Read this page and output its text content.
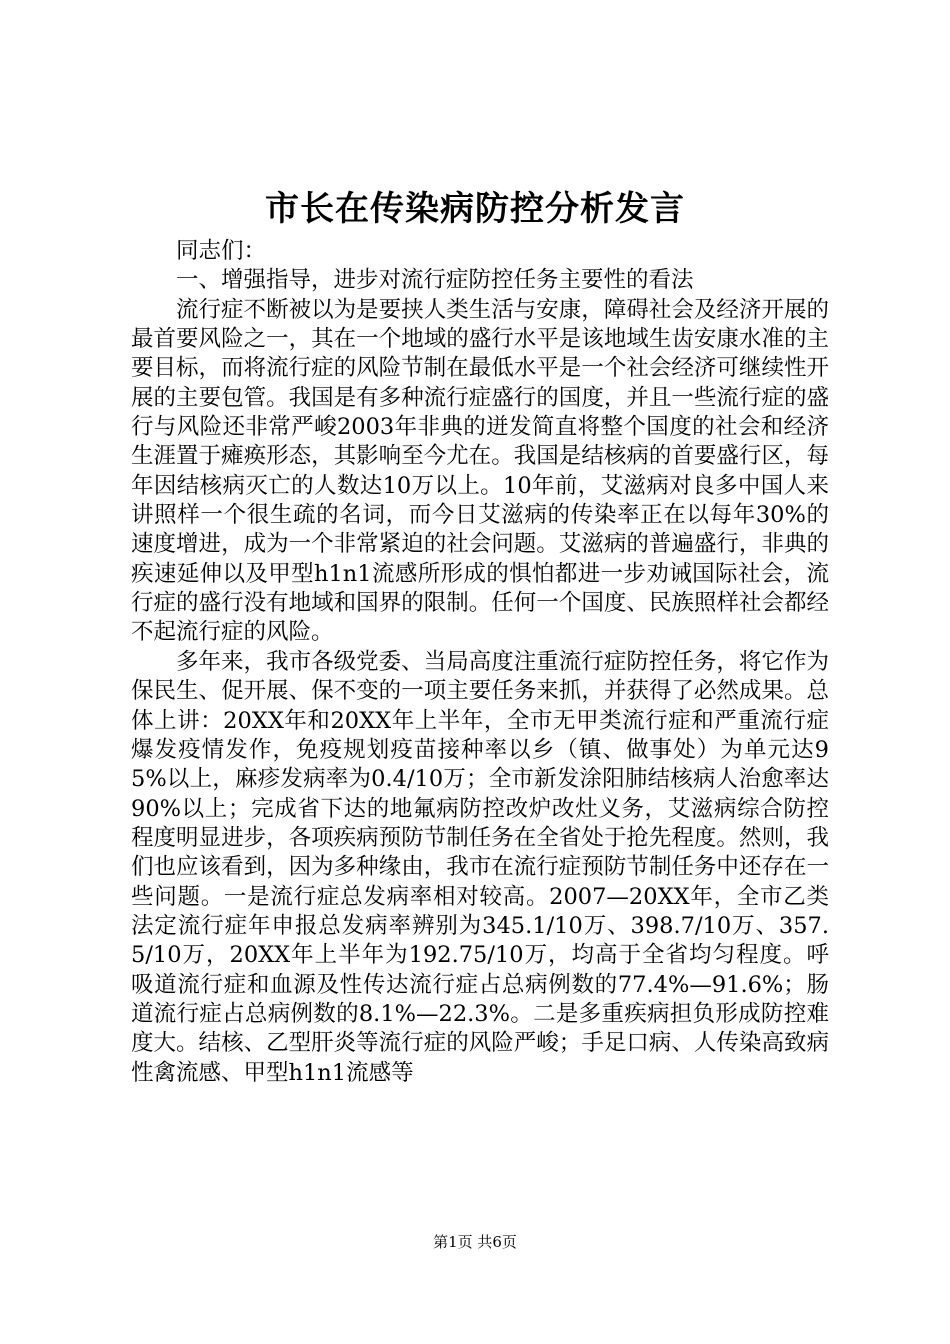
市长在传染病防控分析发言

同志们：

一、增强指导，进步对流行症防控任务主要性的看法

流行症不断被以为是要挟人类生活与安康，障碍社会及经济开展的最首要风险之一，其在一个地域的盛行水平是该地域生齿安康水准的主要目标，而将流行症的风险节制在最低水平是一个社会经济可继续性开展的主要包管。我国是有多种流行症盛行的国度，并且一些流行症的盛行与风险还非常严峻2003年非典的迸发简直将整个国度的社会和经济生涯置于瘫痪形态，其影响至今尤在。我国是结核病的首要盛行区，每年因结核病灭亡的人数达10万以上。10年前，艾滋病对良多中国人来讲照样一个很生疏的名词，而今日艾滋病的传染率正在以每年30%的速度增进，成为一个非常紧迫的社会问题。艾滋病的普遍盛行，非典的疾速延伸以及甲型h1n1流感所形成的惧怕都进一步劝诫国际社会，流行症的盛行没有地域和国界的限制。任何一个国度、民族照样社会都经不起流行症的风险。

多年来，我市各级党委、当局高度注重流行症防控任务，将它作为保民生、促开展、保不变的一项主要任务来抓，并获得了必然成果。总体上讲：20XX年和20XX年上半年，全市无甲类流行症和严重流行症爆发疫情发作，免疫规划疫苗接种率以乡（镇、做事处）为单元达95%以上，麻疹发病率为0.4/10万；全市新发涂阳肺结核病人治愈率达90%以上；完成省下达的地氟病防控改炉改灶义务，艾滋病综合防控程度明显进步，各项疾病预防节制任务在全省处于抢先程度。然则，我们也应该看到，因为多种缘由，我市在流行症预防节制任务中还存在一些问题。一是流行症总发病率相对较高。2007—20XX年，全市乙类法定流行症年申报总发病率辨别为345.1/10万、398.7/10万、357.5/10万，20XX年上半年为192.75/10万，均高于全省均匀程度。呼吸道流行症和血源及性传达流行症占总病例数的77.4%—91.6%；肠道流行症占总病例数的8.1%—22.3%。二是多重疾病担负形成防控难度大。结核、乙型肝炎等流行症的风险严峻；手足口病、人传染高致病性禽流感、甲型h1n1流感等

第1页 共6页
